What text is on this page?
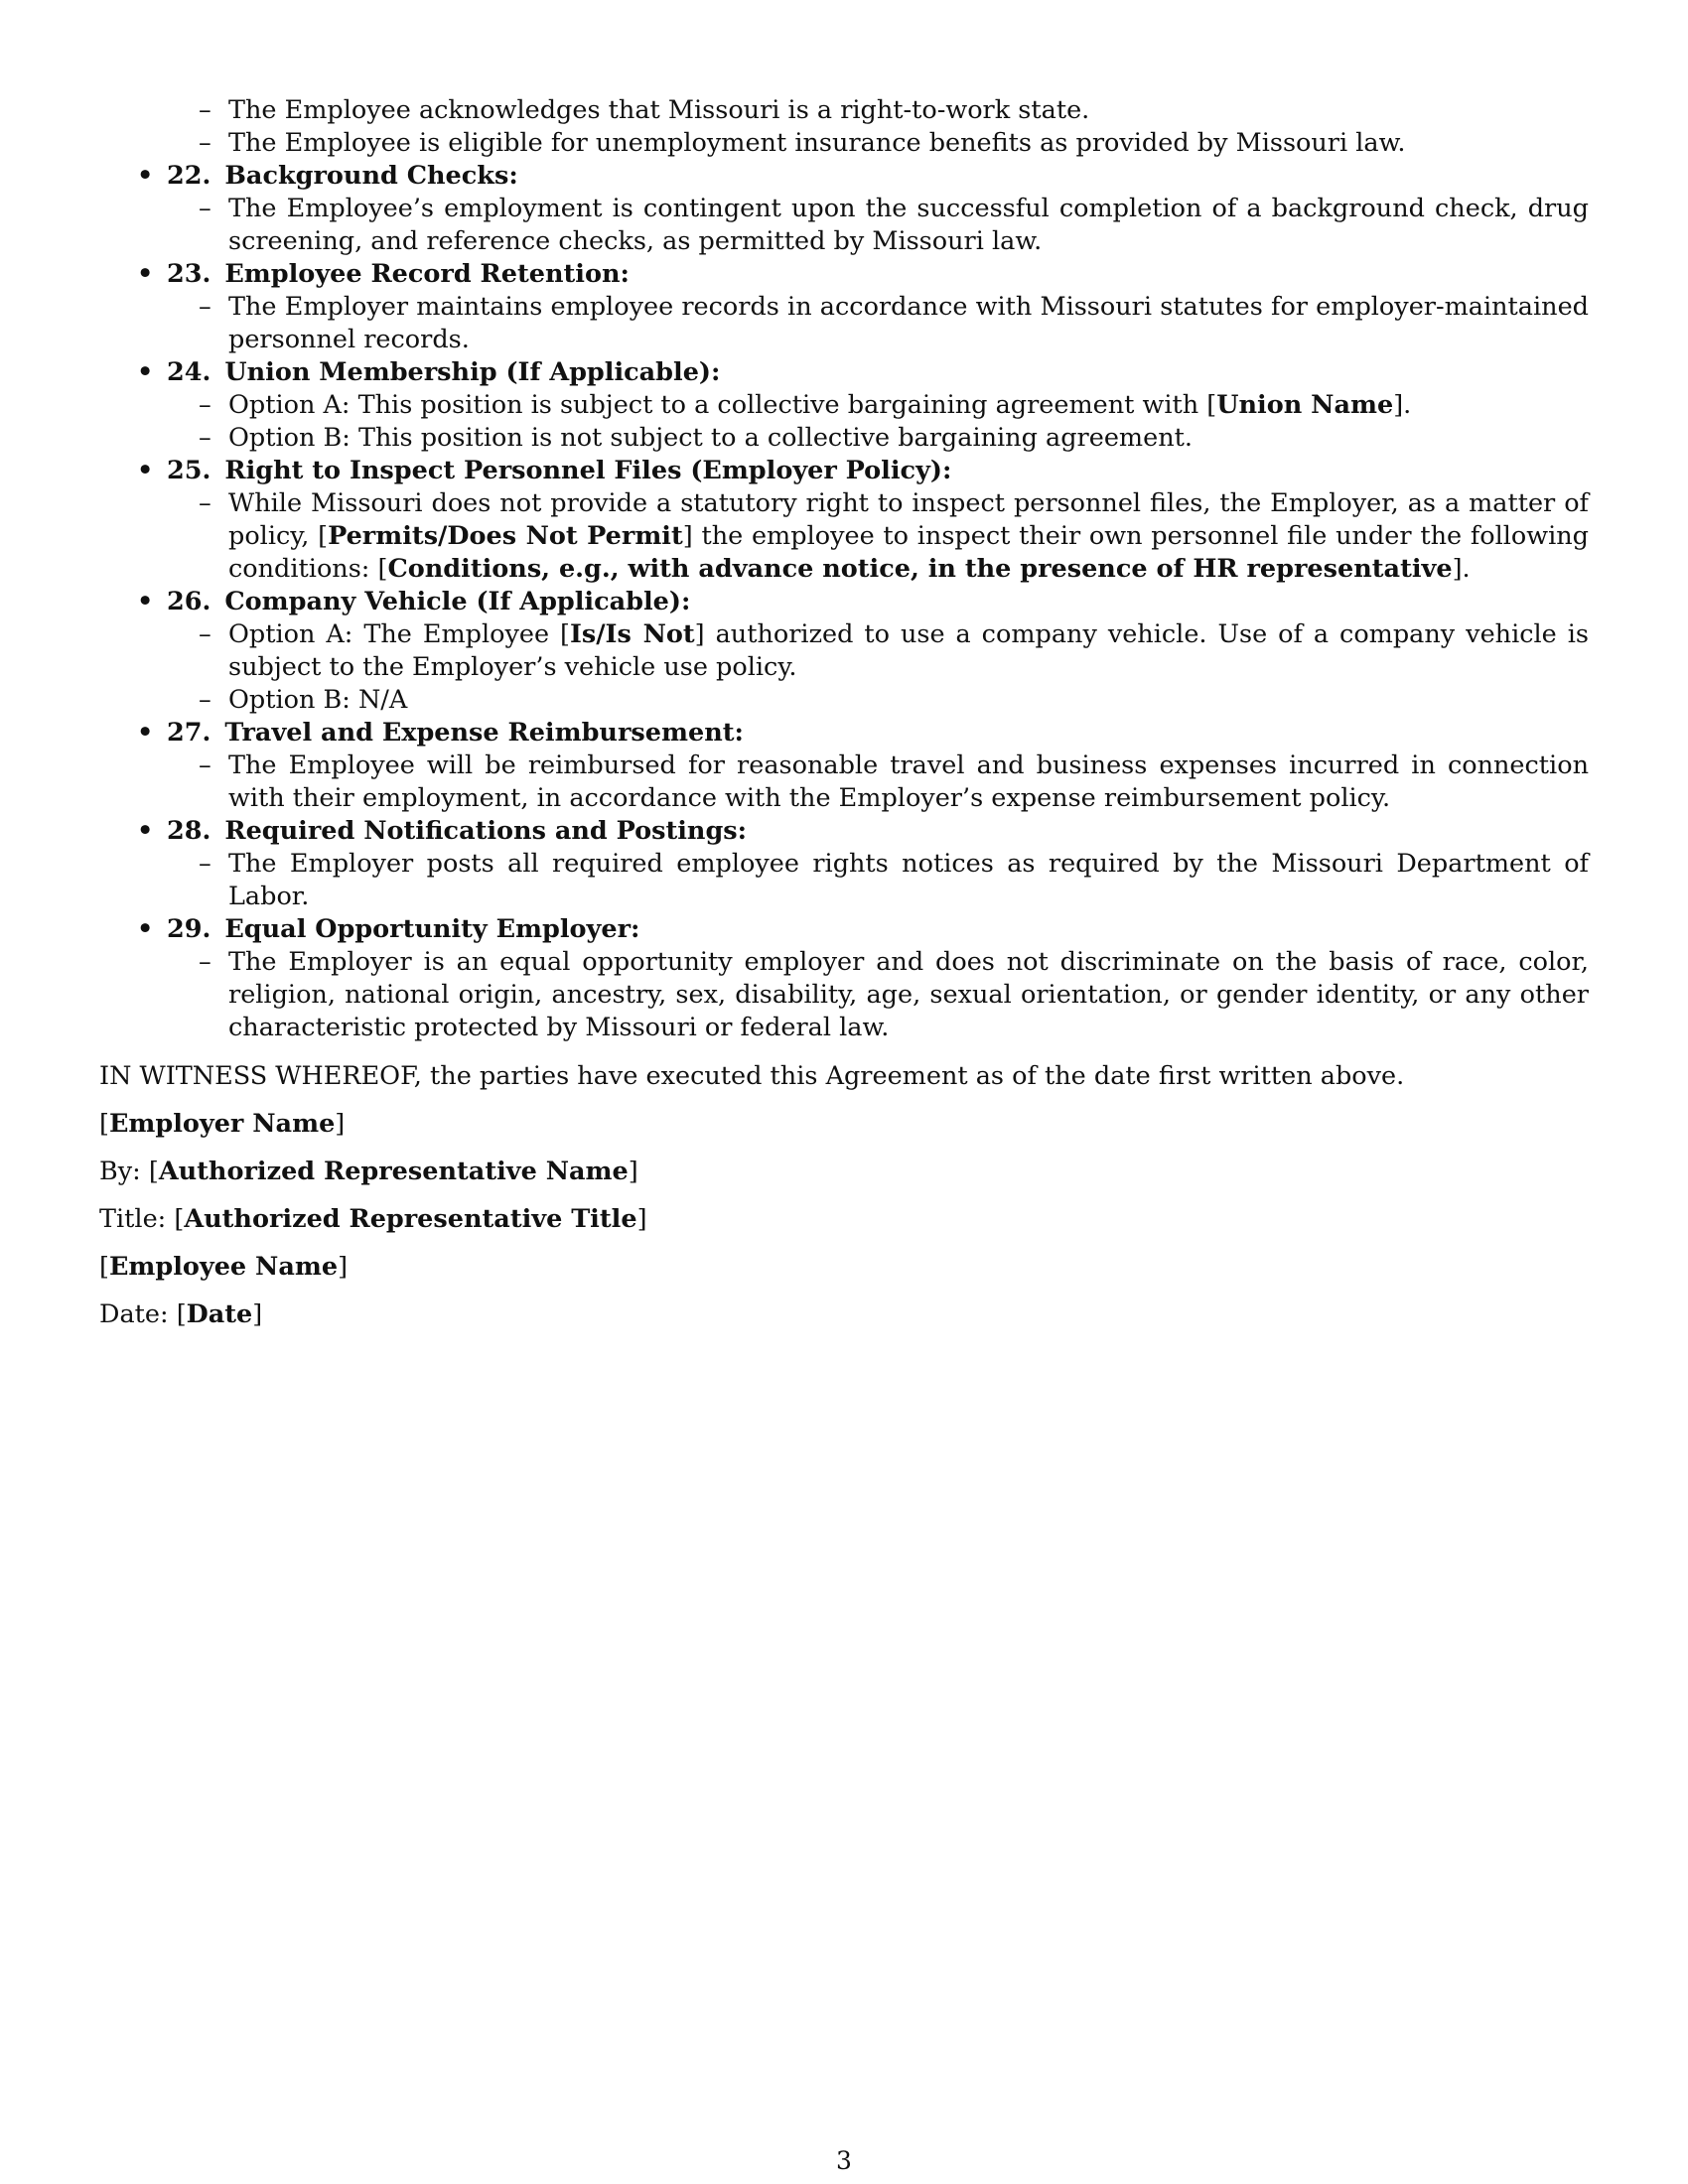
– The Employee acknowledges that Missouri is a right-to-work state.
– The Employee is eligible for unemployment insurance benefits as provided by Missouri law.
• 22. Background Checks:
– The Employee’s employment is contingent upon the successful completion of a background check, drug screening, and reference checks, as permitted by Missouri law.
• 23. Employee Record Retention:
– The Employer maintains employee records in accordance with Missouri statutes for employer-maintained personnel records.
• 24. Union Membership (If Applicable):
– Option A: This position is subject to a collective bargaining agreement with [Union Name].
– Option B: This position is not subject to a collective bargaining agreement.
• 25. Right to Inspect Personnel Files (Employer Policy):
– While Missouri does not provide a statutory right to inspect personnel files, the Employer, as a matter of policy, [Permits/Does Not Permit] the employee to inspect their own personnel file under the following conditions: [Conditions, e.g., with advance notice, in the presence of HR representative].
• 26. Company Vehicle (If Applicable):
– Option A: The Employee [Is/Is Not] authorized to use a company vehicle. Use of a company vehicle is subject to the Employer’s vehicle use policy.
– Option B: N/A
• 27. Travel and Expense Reimbursement:
– The Employee will be reimbursed for reasonable travel and business expenses incurred in connection with their employment, in accordance with the Employer’s expense reimbursement policy.
• 28. Required Notifications and Postings:
– The Employer posts all required employee rights notices as required by the Missouri Department of Labor.
• 29. Equal Opportunity Employer:
– The Employer is an equal opportunity employer and does not discriminate on the basis of race, color, religion, national origin, ancestry, sex, disability, age, sexual orientation, or gender identity, or any other characteristic protected by Missouri or federal law.
IN WITNESS WHEREOF, the parties have executed this Agreement as of the date first written above.
[Employer Name]
By: [Authorized Representative Name]
Title: [Authorized Representative Title]
[Employee Name]
Date: [Date]
3
